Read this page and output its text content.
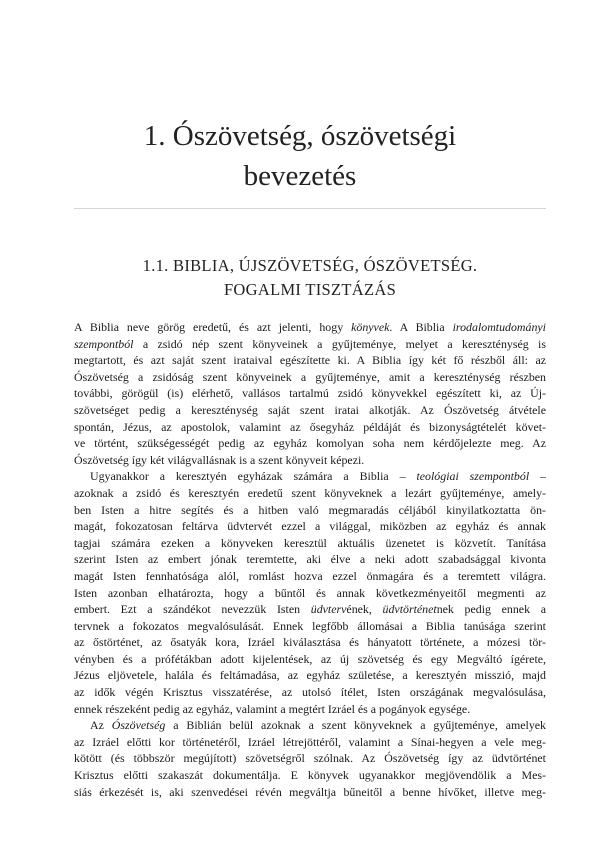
1. Ószövetség, ószövetségi
bevezetés
1.1. BIBLIA, ÚJSZÖVETSÉG, ÓSZÖVETSÉG.
FOGALMI TISZTÁZÁS
A Biblia neve görög eredetű, és azt jelenti, hogy könyvek. A Biblia irodalomtudományi
szempontból a zsidó nép szent könyveinek a gyűjteménye, melyet a kereszténység is
megtartott, és azt saját szent irataival egészítette ki. A Biblia így két fő részből áll: az
Ószövetség a zsidóság szent könyveinek a gyűjteménye, amit a kereszténység részben
további, görögül (is) elérhető, vallásos tartalmú zsidó könyvekkel egészített ki, az Új-
szövetséget pedig a kereszténység saját szent iratai alkotják. Az Ószövetség átvétele
spontán, Jézus, az apostolok, valamint az ősegyház példáját és bizonyságtételét követ-
ve történt, szükségességét pedig az egyház komolyan soha nem kérdőjelezte meg. Az
Ószövetség így két világvallásnak is a szent könyveit képezi.
Ugyanakkor a keresztyén egyházak számára a Biblia – teológiai szempontból –
azoknak a zsidó és keresztyén eredetű szent könyveknek a lezárt gyűjteménye, amely-
ben Isten a hitre segítés és a hitben való megmaradás céljából kinyilatkoztatta ön-
magát, fokozatosan feltárva üdvtervét ezzel a világgal, miközben az egyház és annak
tagjai számára ezeken a könyveken keresztül aktuális üzenetet is közvetít. Tanítása
szerint Isten az embert jónak teremtette, aki élve a neki adott szabadsággal kivonta
magát Isten fennhatósága alól, romlást hozva ezzel önmagára és a teremtett világra.
Isten azonban elhatározta, hogy a bűntől és annak következményeitől megmenti az
embert. Ezt a szándékot nevezzük Isten üdvtervének, üdvtörténetnek pedig ennek a
tervnek a fokozatos megvalósulását. Ennek legfőbb állomásai a Biblia tanúsága szerint
az őstörténet, az ősatyák kora, Izráel kiválasztása és hányatott története, a mózesi tör-
vényben és a prófétákban adott kijelentések, az új szövetség és egy Megváltó ígérete,
Jézus eljövetele, halála és feltámadása, az egyház születése, a keresztyén misszió, majd
az idők végén Krisztus visszatérése, az utolsó ítélet, Isten országának megvalósulása,
ennek részeként pedig az egyház, valamint a megtért Izráel és a pogányok egysége.
Az Ószövetség a Biblián belül azoknak a szent könyveknek a gyűjteménye, amelyek
az Izráel előtti kor történetéről, Izráel létrejöttéről, valamint a Sínai-hegyen a vele meg-
kötött (és többször megújított) szövetségről szólnak. Az Ószövetség így az üdvtörténet
Krisztus előtti szakaszát dokumentálja. E könyvek ugyanakkor megjövendölik a Mes-
siás érkezését is, aki szenvedései révén megváltja bűneitől a benne hívőket, illetve meg-
